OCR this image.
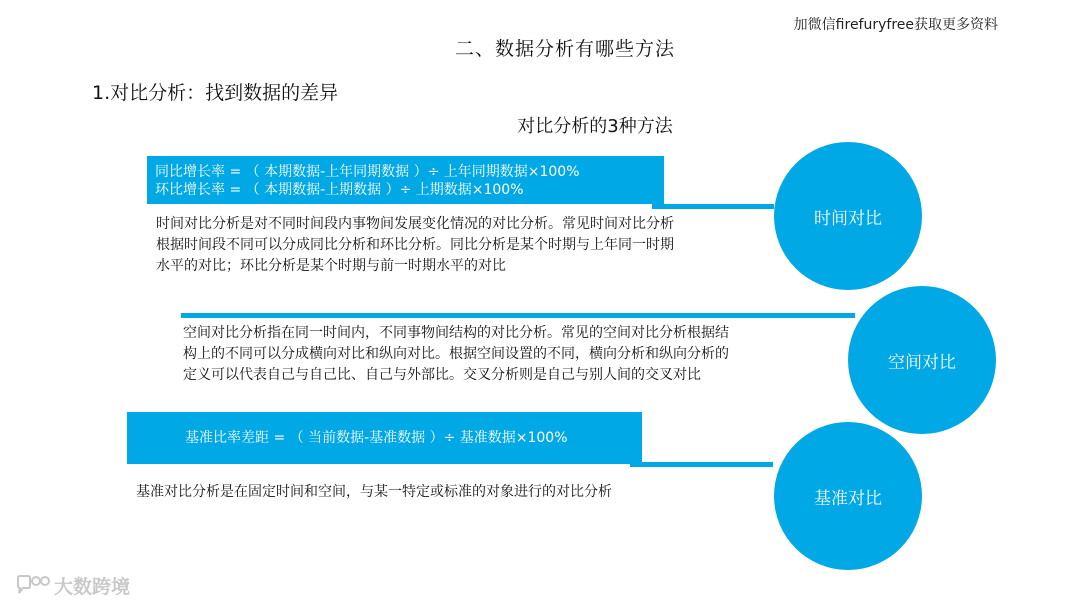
加微信firefuryfree获取更多资料
二、数据分析有哪些方法
1.对比分析：找到数据的差异
对比分析的3种方法
同比增长率 = （ 本期数据-上年同期数据 ）÷ 上年同期数据×100%
环比增长率 = （ 本期数据-上期数据 ）÷ 上期数据×100%
时间对比分析是对不同时间段内事物间发展变化情况的对比分析。常见时间对比分析
根据时间段不同可以分成同比分析和环比分析。同比分析是某个时期与上年同一时期
水平的对比；环比分析是某个时期与前一时期水平的对比
时间对比
空间对比分析指在同一时间内，不同事物间结构的对比分析。常见的空间对比分析根据结
构上的不同可以分成横向对比和纵向对比。根据空间设置的不同，横向分析和纵向分析的
定义可以代表自己与自己比、自己与外部比。交叉分析则是自己与别人间的交叉对比
空间对比
基准比率差距 = （ 当前数据-基准数据 ）÷ 基准数据×100%
基准对比分析是在固定时间和空间，与某一特定或标准的对象进行的对比分析	基准对比
大数跨境
